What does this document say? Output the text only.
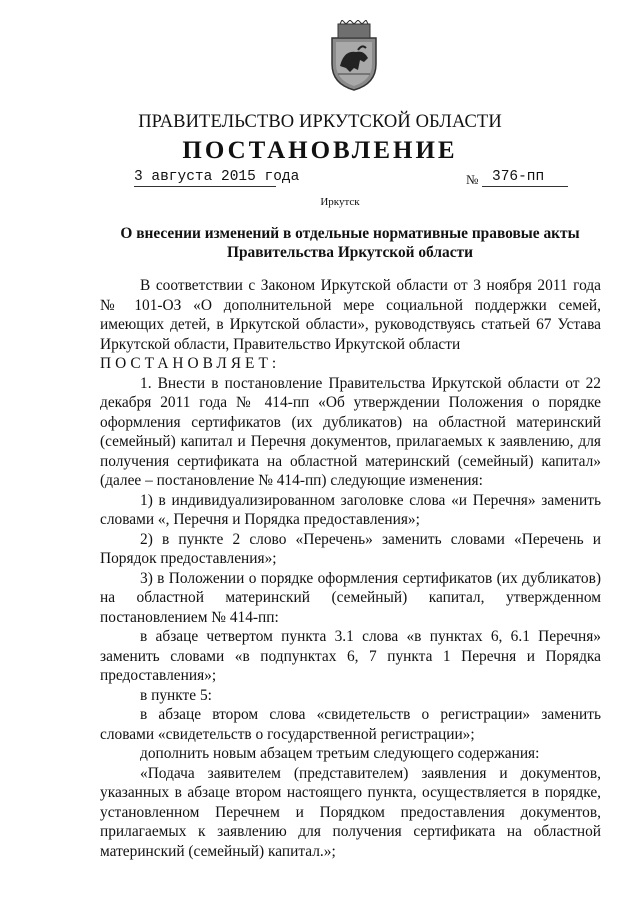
ПРАВИТЕЛЬСТВО ИРКУТСКОЙ ОБЛАСТИ
ПОСТАНОВЛЕНИЕ
3 августа 2015 года	№ 376-пп
Иркутск
О внесении изменений в отдельные нормативные правовые акты Правительства Иркутской области

В соответствии с Законом Иркутской области от 3 ноября 2011 года № 101-ОЗ «О дополнительной мере социальной поддержки семей, имеющих детей, в Иркутской области», руководствуясь статьей 67 Устава Иркутской области, Правительство Иркутской области

ПОСТАНОВЛЯЕТ:

1. Внести в постановление Правительства Иркутской области от 22 декабря 2011 года № 414-пп «Об утверждении Положения о порядке оформления сертификатов (их дубликатов) на областной материнский (семейный) капитал и Перечня документов, прилагаемых к заявлению, для получения сертификата на областной материнский (семейный) капитал» (далее – постановление № 414-пп) следующие изменения:

1) в индивидуализированном заголовке слова «и Перечня» заменить словами «, Перечня и Порядка предоставления»;

2) в пункте 2 слово «Перечень» заменить словами «Перечень и Порядок предоставления»;

3) в Положении о порядке оформления сертификатов (их дубликатов) на областной материнский (семейный) капитал, утвержденном постановлением № 414-пп:

в абзаце четвертом пункта 3.1 слова «в пунктах 6, 6.1 Перечня» заменить словами «в подпунктах 6, 7 пункта 1 Перечня и Порядка предоставления»;

в пункте 5:

в абзаце втором слова «свидетельств о регистрации» заменить словами «свидетельств о государственной регистрации»;

дополнить новым абзацем третьим следующего содержания:

«Подача заявителем (представителем) заявления и документов, указанных в абзаце втором настоящего пункта, осуществляется в порядке, установленном Перечнем и Порядком предоставления документов, прилагаемых к заявлению для получения сертификата на областной материнский (семейный) капитал.»;
